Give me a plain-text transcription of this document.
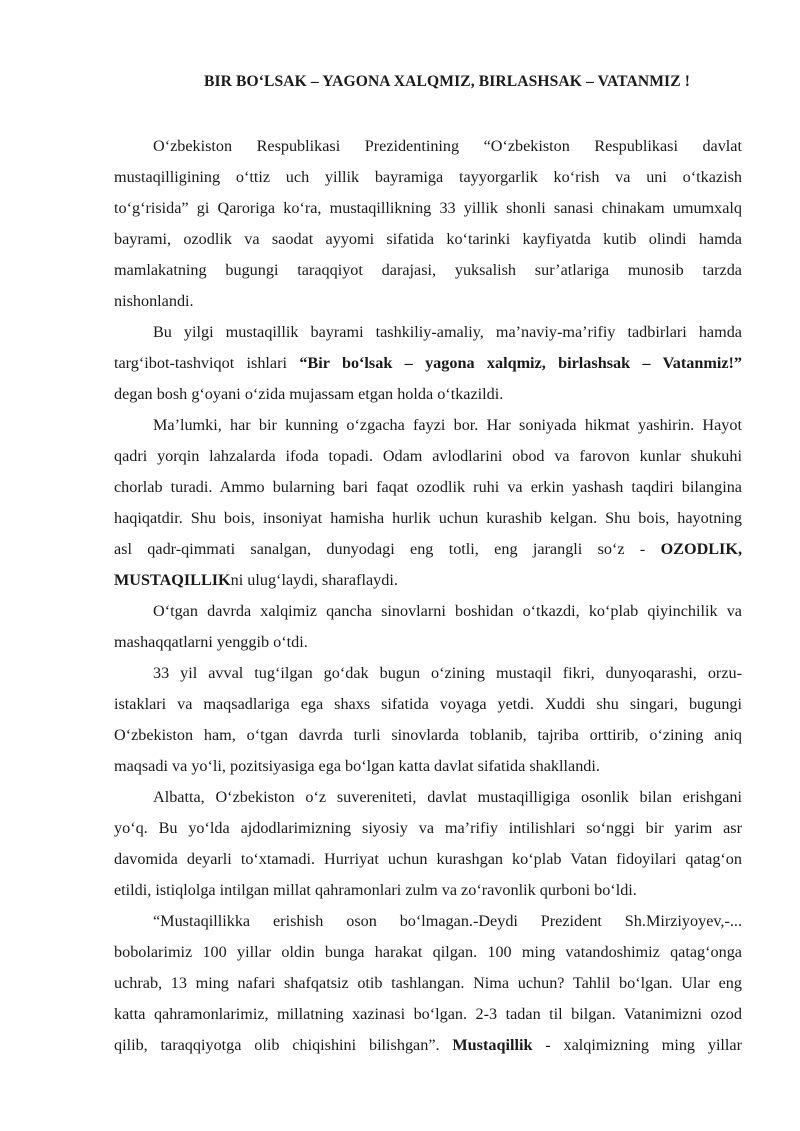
BIR BO‘LSAK – YAGONA XALQMIZ, BIRLASHSAK – VATANMIZ !
O‘zbekiston Respublikasi Prezidentining “O‘zbekiston Respublikasi davlat
mustaqilligining o‘ttiz uch yillik bayramiga tayyorgarlik ko‘rish va uni o‘tkazish
to‘g‘risida” gi Qaroriga ko‘ra, mustaqillikning 33 yillik shonli sanasi chinakam umumxalq
bayrami, ozodlik va saodat ayyomi sifatida ko‘tarinki kayfiyatda kutib olindi hamda
mamlakatning bugungi taraqqiyot darajasi, yuksalish sur’atlariga munosib tarzda
nishonlandi.
Bu yilgi mustaqillik bayrami tashkiliy-amaliy, ma’naviy-ma’rifiy tadbirlari hamda
targ‘ibot-tashviqot ishlari “Bir bo‘lsak – yagona xalqmiz, birlashsak – Vatanmiz!”
degan bosh g‘oyani o‘zida mujassam etgan holda o‘tkazildi.
Ma’lumki, har bir kunning o‘zgacha fayzi bor. Har soniyada hikmat yashirin. Hayot
qadri yorqin lahzalarda ifoda topadi. Odam avlodlarini obod va farovon kunlar shukuhi
chorlab turadi. Ammo bularning bari faqat ozodlik ruhi va erkin yashash taqdiri bilangina
haqiqatdir. Shu bois, insoniyat hamisha hurlik uchun kurashib kelgan. Shu bois, hayotning
asl qadr-qimmati sanalgan, dunyodagi eng totli, eng jarangli so‘z - OZODLIK,
MUSTAQILLIKni ulug‘laydi, sharaflaydi.
O‘tgan davrda xalqimiz qancha sinovlarni boshidan o‘tkazdi, ko‘plab qiyinchilik va
mashaqqatlarni yenggib o‘tdi.
33 yil avval tug‘ilgan go‘dak bugun o‘zining mustaqil fikri, dunyoqarashi, orzu-
istaklari va maqsadlariga ega shaxs sifatida voyaga yetdi. Xuddi shu singari, bugungi
O‘zbekiston ham, o‘tgan davrda turli sinovlarda toblanib, tajriba orttirib, o‘zining aniq
maqsadi va yo‘li, pozitsiyasiga ega bo‘lgan katta davlat sifatida shakllandi.
Albatta, O‘zbekiston o‘z suvereniteti, davlat mustaqilligiga osonlik bilan erishgani
yo‘q. Bu yo‘lda ajdodlarimizning siyosiy va ma’rifiy intilishlari so‘nggi bir yarim asr
davomida deyarli to‘xtamadi. Hurriyat uchun kurashgan ko‘plab Vatan fidoyilari qatag‘on
etildi, istiqlolga intilgan millat qahramonlari zulm va zo‘ravonlik qurboni bo‘ldi.
“Mustaqillikka erishish oson bo‘lmagan.-Deydi Prezident Sh.Mirziyoyev,-...
bobolarimiz 100 yillar oldin bunga harakat qilgan. 100 ming vatandoshimiz qatag‘onga
uchrab, 13 ming nafari shafqatsiz otib tashlangan. Nima uchun? Tahlil bo‘lgan. Ular eng
katta qahramonlarimiz, millatning xazinasi bo‘lgan. 2-3 tadan til bilgan. Vatanimizni ozod
qilib, taraqqiyotga olib chiqishini bilishgan”. Mustaqillik - xalqimizning ming yillar
